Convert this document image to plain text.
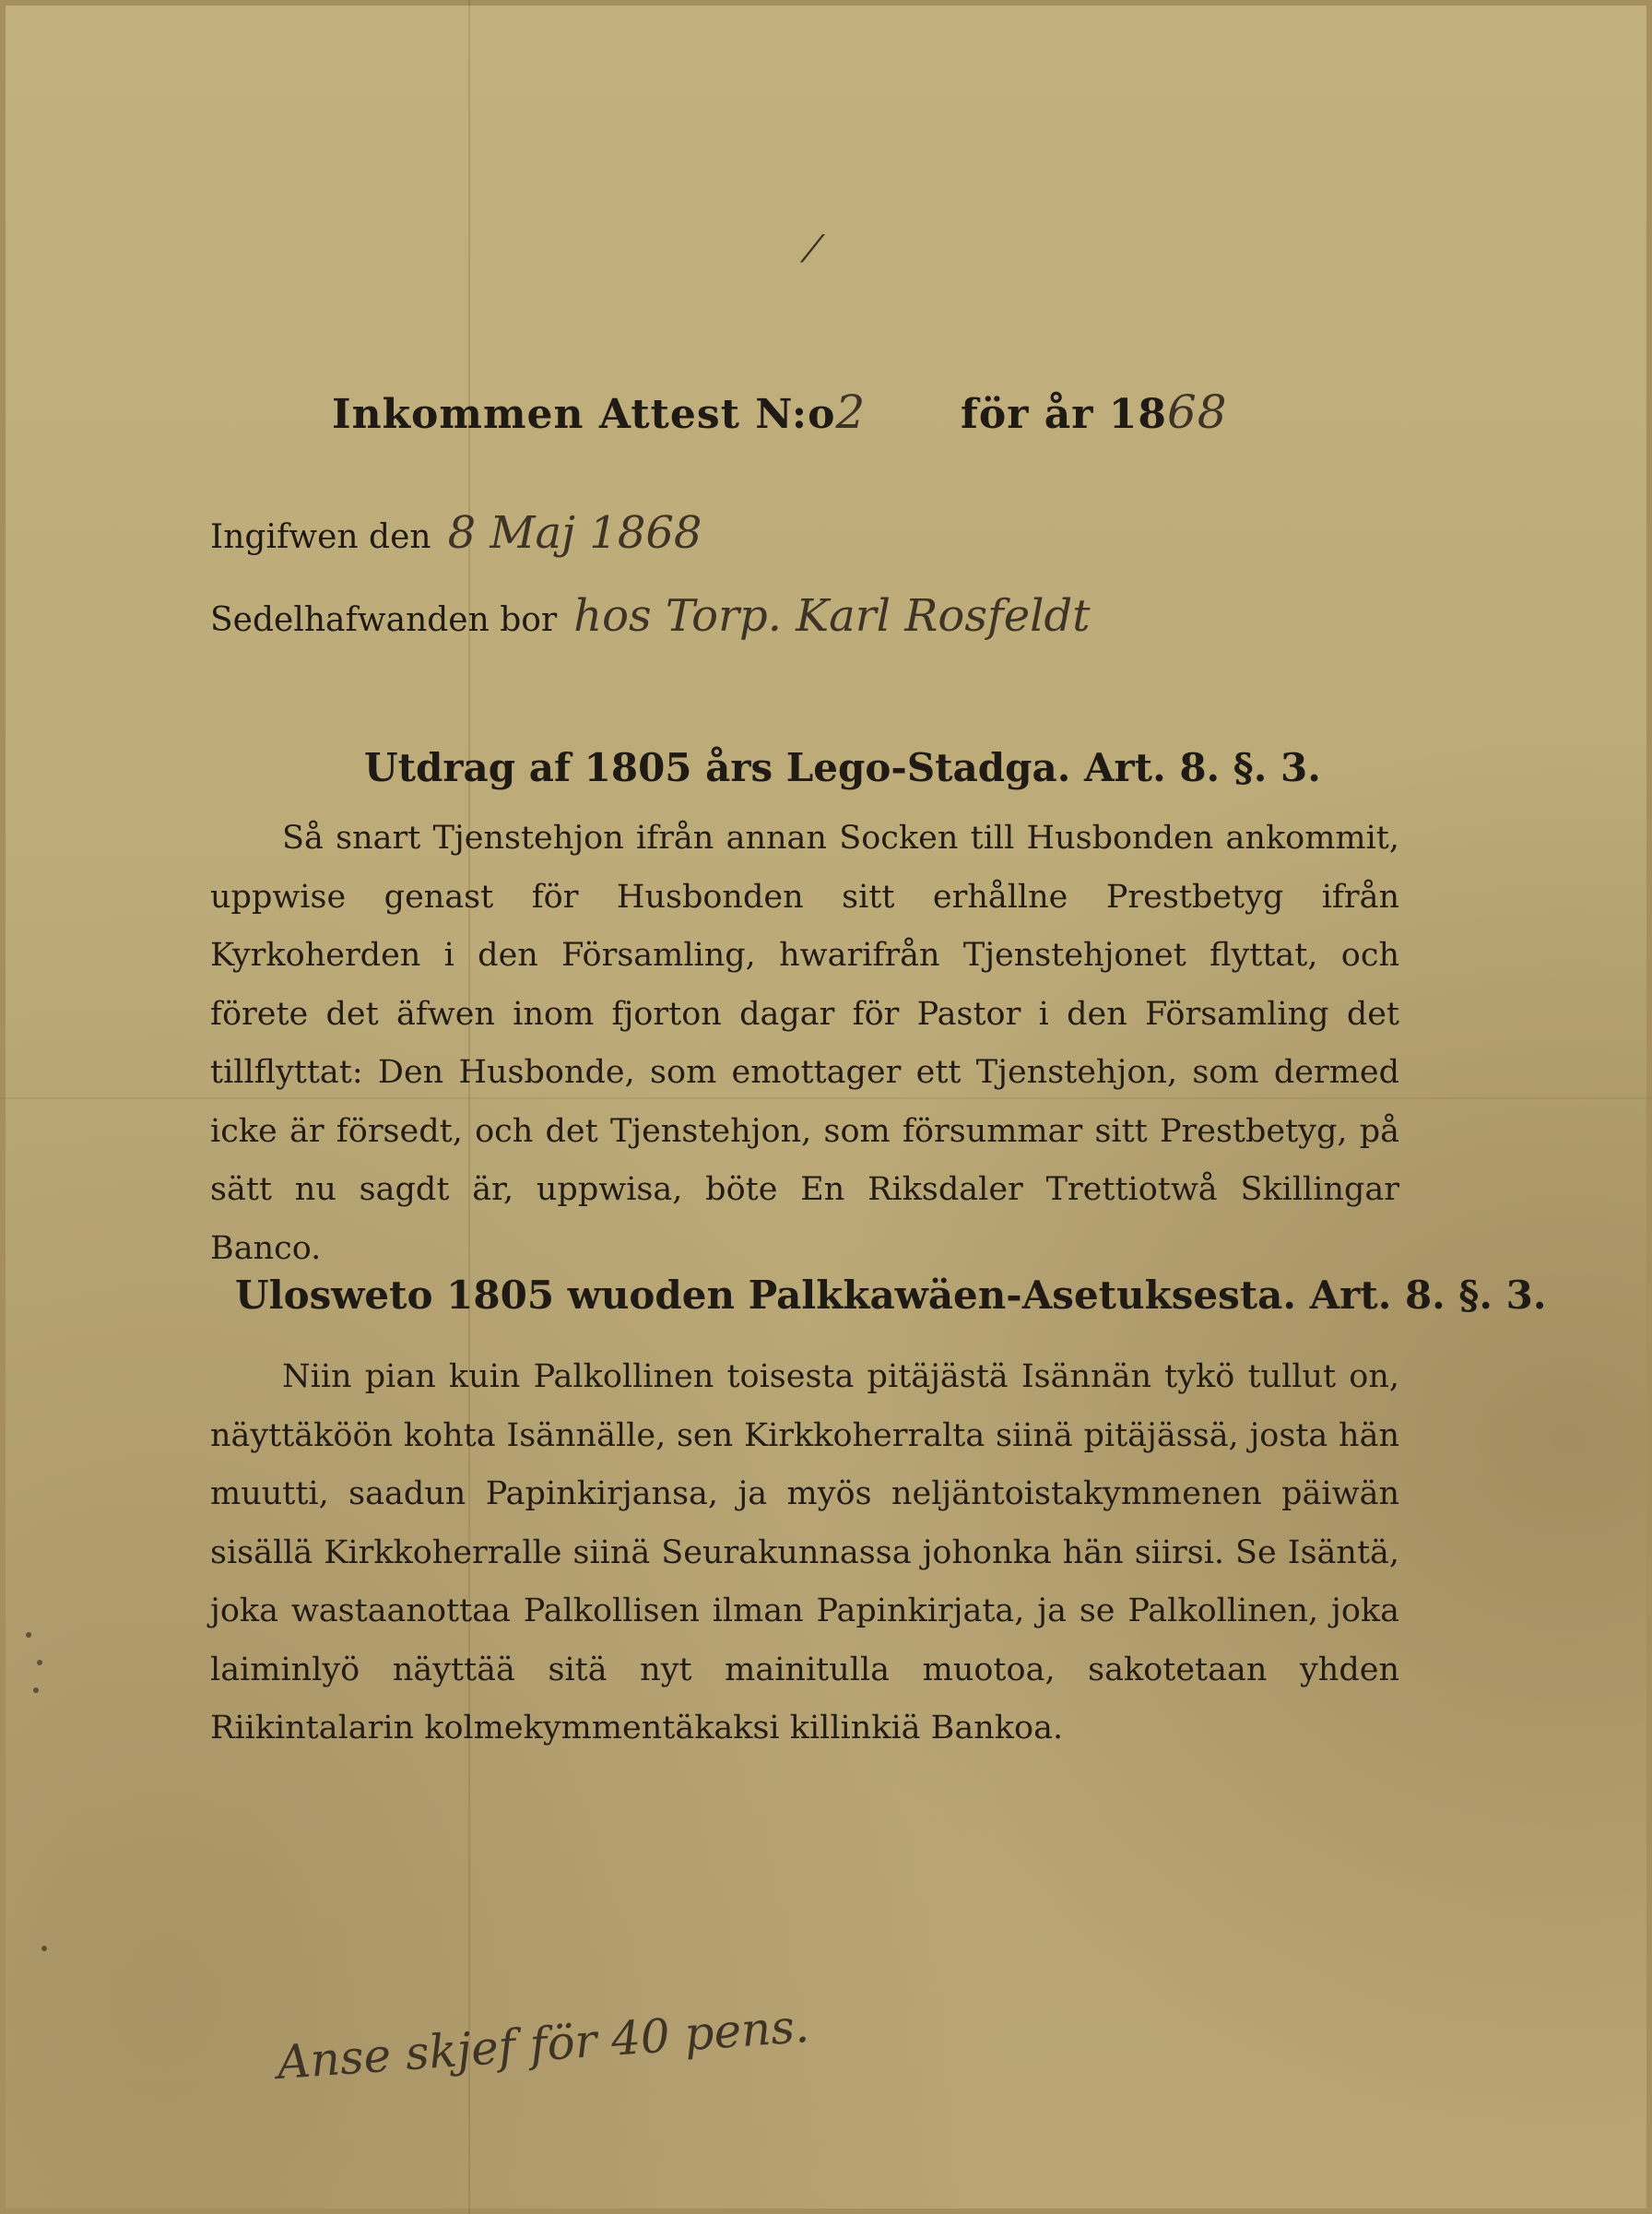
⁄
Inkommen Attest N:o2 för år 1868
Ingifwen den 8 Maj 1868
Sedelhafwanden bor hos Torp. Karl Rosfeldt
Utdrag af 1805 års Lego-Stadga. Art. 8. §. 3.

Så snart Tjenstehjon ifrån annan Socken till Husbonden ankommit, uppwise genast för Husbonden sitt erhållne Prestbetyg ifrån Kyrkoherden i den Församling, hwarifrån Tjenstehjonet flyttat, och förete det äfwen inom fjorton dagar för Pastor i den Församling det tillflyttat: Den Husbonde, som emottager ett Tjenstehjon, som dermed icke är försedt, och det Tjenstehjon, som försummar sitt Prestbetyg, på sätt nu sagdt är, uppwisa, böte En Riksdaler Trettiotwå Skillingar Banco.

Ulosweto 1805 wuoden Palkkawäen-Asetuksesta. Art. 8. §. 3.

Niin pian kuin Palkollinen toisesta pitäjästä Isännän tykö tullut on, näyttäköön kohta Isännälle, sen Kirkkoherralta siinä pitäjässä, josta hän muutti, saadun Papinkirjansa, ja myös neljäntoistakymmenen päiwän sisällä Kirkkoherralle siinä Seurakunnassa johonka hän siirsi. Se Isäntä, joka wastaanottaa Palkollisen ilman Papinkirjata, ja se Palkollinen, joka laiminlyö näyttää sitä nyt mainitulla muotoa, sakotetaan yhden Riikintalarin kolmekymmentäkaksi killinkiä Bankoa.

Anse skjef för 40 pens.
